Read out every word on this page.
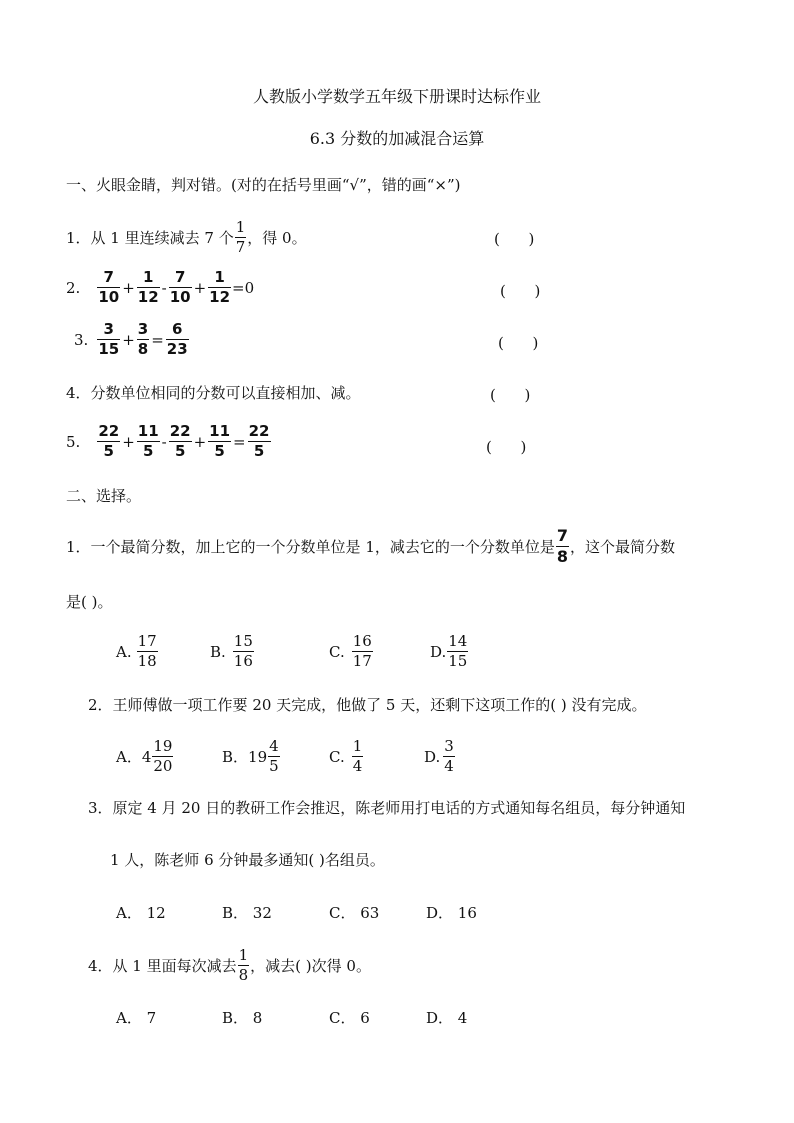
人教版小学数学五年级下册课时达标作业
6.3 分数的加减混合运算
一、火眼金睛，判对错。(对的在括号里画“√”，错的画“×”)
1．从 1 里连续减去 7 个 $\frac{1}{7}$ ，得 0。	(      )
2. $\frac{7}{10} + \frac{1}{12} - \frac{7}{10} + \frac{1}{12} =0$	(      )
3. $\frac{3}{15} + \frac{3}{8} = \frac{6}{23}$	(      )
4．分数单位相同的分数可以直接相加、减。	(      )
5. $\frac{22}{5} + \frac{11}{5} - \frac{22}{5} + \frac{11}{5} = \frac{22}{5}$	(      )
二、选择。
1．一个最简分数，加上它的一个分数单位是 1，减去它的一个分数单位是 $\frac{7}{8}$ ，这个最简分数
是( )。
A. $\frac{17}{18}$	B. $\frac{15}{16}$	C. $\frac{16}{17}$	D. $\frac{14}{15}$
2．王师傅做一项工作要 20 天完成，他做了 5 天，还剩下这项工作的( ) 没有完成。
A． $4 \frac{19}{20}$	B． $19 \frac{4}{5}$	C. $\frac{1}{4}$	D. $\frac{3}{4}$
3．原定 4 月 20 日的教研工作会推迟，陈老师用打电话的方式通知每名组员，每分钟通知
1 人，陈老师 6 分钟最多通知( )名组员。
A． 12	B． 32	C． 63	D． 16
4．从 1 里面每次减去 $\frac{1}{8}$ ，减去( )次得 0。
A． 7	B． 8	C． 6	D． 4
